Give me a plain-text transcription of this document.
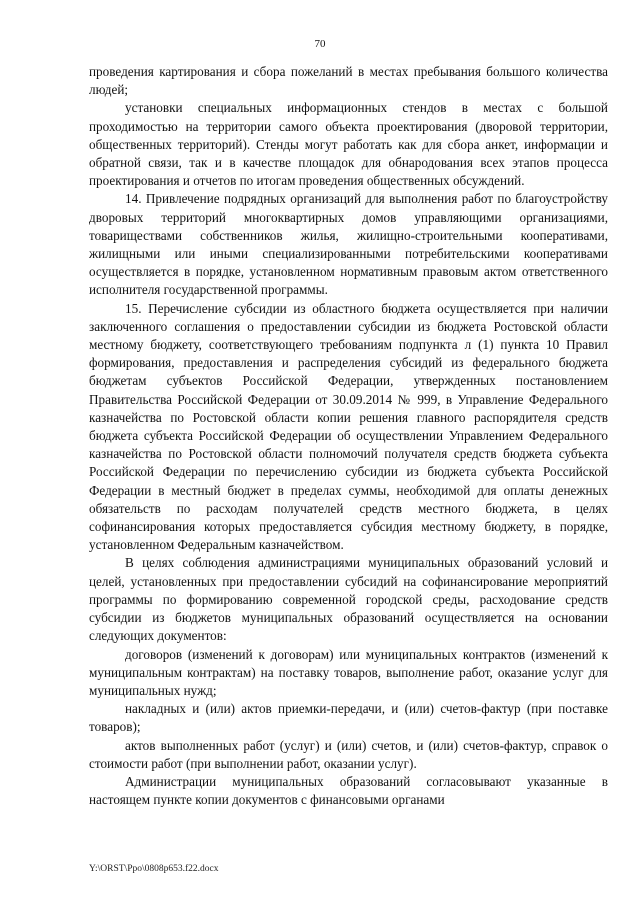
70

проведения картирования и сбора пожеланий в местах пребывания большого количества людей;

установки специальных информационных стендов в местах с большой проходимостью на территории самого объекта проектирования (дворовой территории, общественных территорий). Стенды могут работать как для сбора анкет, информации и обратной связи, так и в качестве площадок для обнародования всех этапов процесса проектирования и отчетов по итогам проведения общественных обсуждений.

14. Привлечение подрядных организаций для выполнения работ по благоустройству дворовых территорий многоквартирных домов управляющими организациями, товариществами собственников жилья, жилищно-строительными кооперативами, жилищными или иными специализированными потребительскими кооперативами осуществляется в порядке, установленном нормативным правовым актом ответственного исполнителя государственной программы.

15. Перечисление субсидии из областного бюджета осуществляется при наличии заключенного соглашения о предоставлении субсидии из бюджета Ростовской области местному бюджету, соответствующего требованиям подпункта л (1) пункта 10 Правил формирования, предоставления и распределения субсидий из федерального бюджета бюджетам субъектов Российской Федерации, утвержденных постановлением Правительства Российской Федерации от 30.09.2014 № 999, в Управление Федерального казначейства по Ростовской области копии решения главного распорядителя средств бюджета субъекта Российской Федерации об осуществлении Управлением Федерального казначейства по Ростовской области полномочий получателя средств бюджета субъекта Российской Федерации по перечислению субсидии из бюджета субъекта Российской Федерации в местный бюджет в пределах суммы, необходимой для оплаты денежных обязательств по расходам получателей средств местного бюджета, в целях софинансирования которых предоставляется субсидия местному бюджету, в порядке, установленном Федеральным казначейством.

В целях соблюдения администрациями муниципальных образований условий и целей, установленных при предоставлении субсидий на софинансирование мероприятий программы по формированию современной городской среды, расходование средств субсидии из бюджетов муниципальных образований осуществляется на основании следующих документов:

договоров (изменений к договорам) или муниципальных контрактов (изменений к муниципальным контрактам) на поставку товаров, выполнение работ, оказание услуг для муниципальных нужд;

накладных и (или) актов приемки-передачи, и (или) счетов-фактур (при поставке товаров);

актов выполненных работ (услуг) и (или) счетов, и (или) счетов-фактур, справок о стоимости работ (при выполнении работ, оказании услуг).

Администрации муниципальных образований согласовывают указанные в настоящем пункте копии документов с финансовыми органами

Y:\ORST\Ppo\0808p653.f22.docx
